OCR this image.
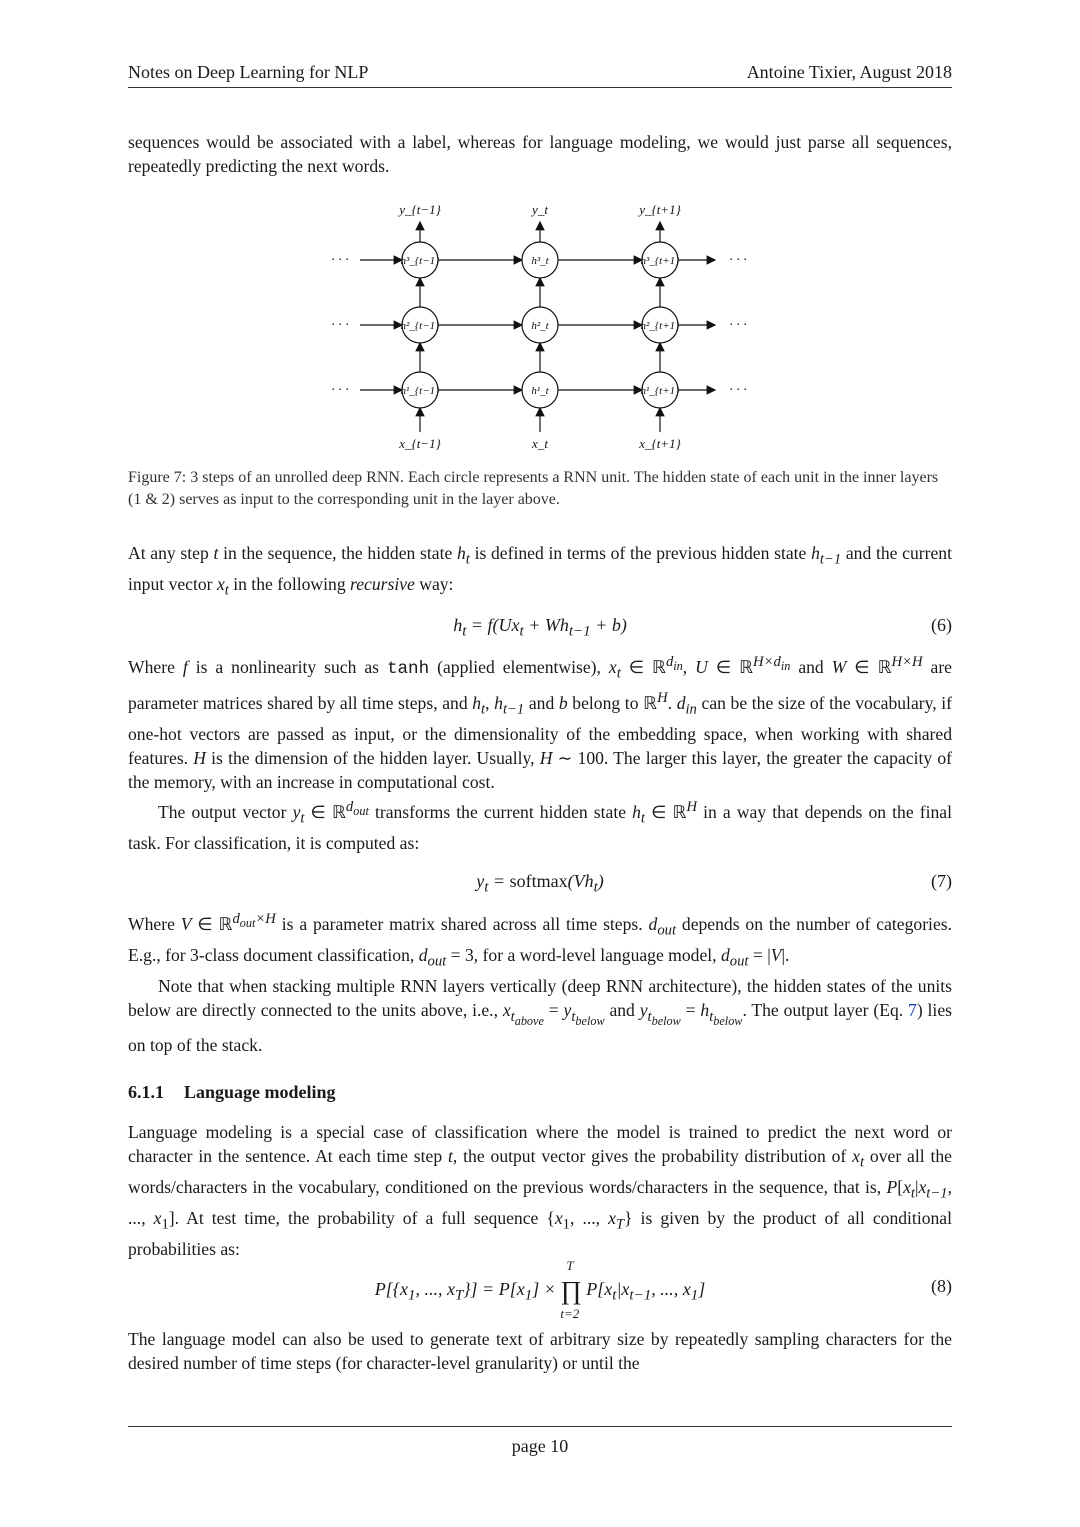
Notes on Deep Learning for NLP	Antoine Tixier, August 2018

sequences would be associated with a label, whereas for language modeling, we would just parse all sequences, repeatedly predicting the next words.

· · ·	· · ·
· · ·	· · ·
· · ·	· · ·
y_{t−1}
x_{t−1}
h³_{t−1}
h²_{t−1}
h¹_{t−1}
y_t
x_t
h³_t
h²_t
h¹_t
y_{t+1}
x_{t+1}
h³_{t+1}
h²_{t+1}
h¹_{t+1}
Figure 7: 3 steps of an unrolled deep RNN. Each circle represents a RNN unit. The hidden state of each unit in the inner layers (1 & 2) serves as input to the corresponding unit in the layer above.

At any step t in the sequence, the hidden state $h_t$ is defined in terms of the previous hidden state $h_{t-1}$ and the current input vector $x_t$ in the following recursive way:

$h_t = f(Ux_t + Wh_{t-1} + b)$	(6)

Where f is a nonlinearity such as tanh (applied elementwise), $x_t$ ∈ ℝ$^{d_{in}}$, U ∈ ℝ$^{H\times d_{in}}$ and W ∈ ℝ$^{H\times H}$ are parameter matrices shared by all time steps, and $h_t$, $h_{t-1}$ and b belong to ℝ$^H$. $d_{in}$ can be the size of the vocabulary, if one-hot vectors are passed as input, or the dimensionality of the embedding space, when working with shared features. H is the dimension of the hidden layer. Usually, H ∼ 100. The larger this layer, the greater the capacity of the memory, with an increase in computational cost.

The output vector $y_t$ ∈ ℝ$^{d_{out}}$ transforms the current hidden state $h_t$ ∈ ℝ$^H$ in a way that depends on the final task. For classification, it is computed as:

$y_t$ = $softmax(Vh_t)$	(7)

Where V ∈ ℝ$^{d_{out}\times H}$ is a parameter matrix shared across all time steps. $d_{out}$ depends on the number of categories. E.g., for 3-class document classification, $d_{out} = 3$, for a word-level language model, $d_{out} = |V|$.

Note that when stacking multiple RNN layers vertically (deep RNN architecture), the hidden states of the units below are directly connected to the units above, i.e., $x_{t_{above}} = y_{t_{below}}$ and $y_{t_{below}} = h_{t_{below}}$. The output layer (Eq. 7) lies on top of the stack.

6.1.1 Language modeling

Language modeling is a special case of classification where the model is trained to predict the next word or character in the sentence. At each time step t, the output vector gives the probability distribution of $x_t$ over all the words/characters in the vocabulary, conditioned on the previous words/characters in the sequence, that is, $P[x_t|x_{t-1}$, ..., $x_1$]. At test time, the probability of a full sequence {$x_1$, ..., $x_T$} is given by the product of all conditional probabilities as:

$P[\{x_1$, ..., $x_T\}] = P[x_1]$ × ∏
T
t=2
$P[x_t|x_{t-1}$, ..., $x_1$]	(8)

The language model can also be used to generate text of arbitrary size by repeatedly sampling characters for the desired number of time steps (for character-level granularity) or until the

page 10
